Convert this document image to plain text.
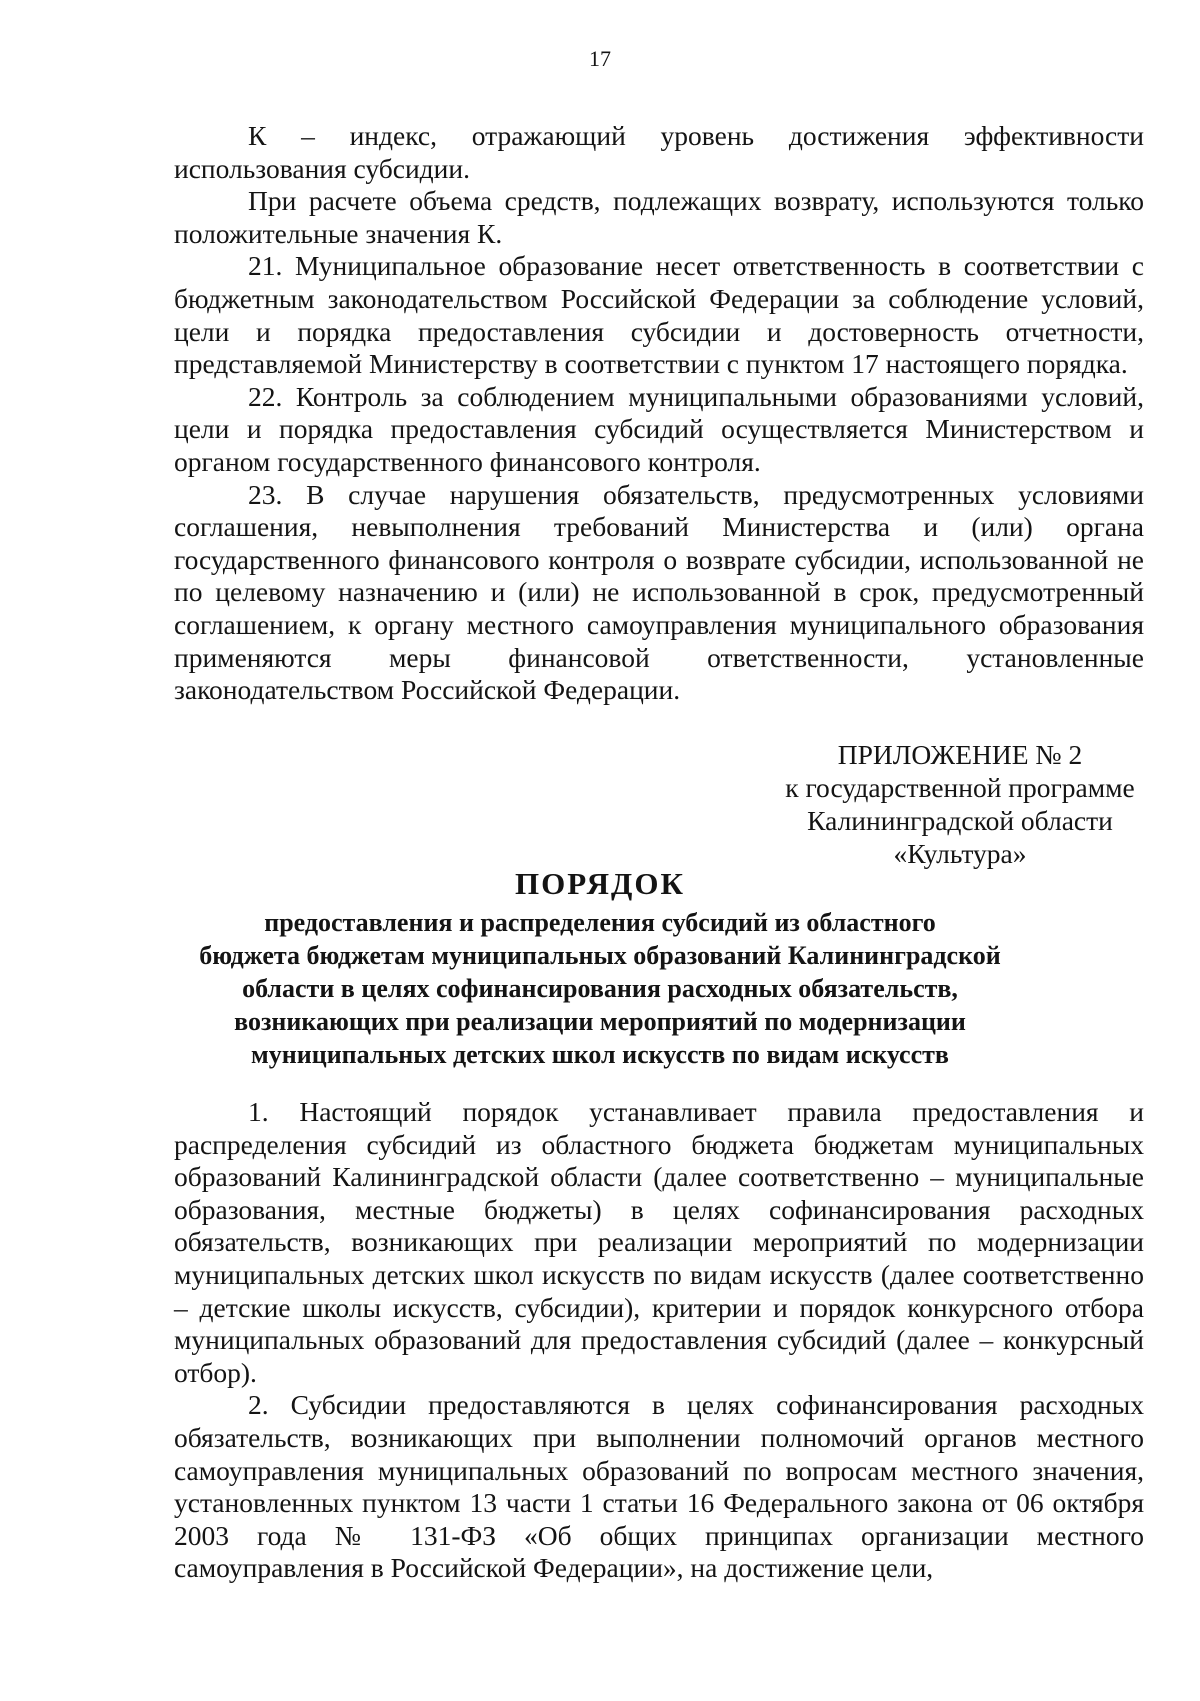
17

К – индекс, отражающий уровень достижения эффективности использования субсидии.

При расчете объема средств, подлежащих возврату, используются только положительные значения К.

21. Муниципальное образование несет ответственность в соответствии с бюджетным законодательством Российской Федерации за соблюдение условий, цели и порядка предоставления субсидии и достоверность отчетности, представляемой Министерству в соответствии с пунктом 17 настоящего порядка.

22. Контроль за соблюдением муниципальными образованиями условий, цели и порядка предоставления субсидий осуществляется Министерством и органом государственного финансового контроля.

23. В случае нарушения обязательств, предусмотренных условиями соглашения, невыполнения требований Министерства и (или) органа государственного финансового контроля о возврате субсидии, использованной не по целевому назначению и (или) не использованной в срок, предусмотренный соглашением, к органу местного самоуправления муниципального образования применяются меры финансовой ответственности, установленные законодательством Российской Федерации.

ПРИЛОЖЕНИЕ № 2
к государственной программе
Калининградской области
«Культура»
ПОРЯДОК
предоставления и распределения субсидий из областного
бюджета бюджетам муниципальных образований Калининградской
области в целях софинансирования расходных обязательств,
возникающих при реализации мероприятий по модернизации
муниципальных детских школ искусств по видам искусств

1. Настоящий порядок устанавливает правила предоставления и распределения субсидий из областного бюджета бюджетам муниципальных образований Калининградской области (далее соответственно – муниципальные образования, местные бюджеты) в целях софинансирования расходных обязательств, возникающих при реализации мероприятий по модернизации муниципальных детских школ искусств по видам искусств (далее соответственно – детские школы искусств, субсидии), критерии и порядок конкурсного отбора муниципальных образований для предоставления субсидий (далее – конкурсный отбор).

2. Субсидии предоставляются в целях софинансирования расходных обязательств, возникающих при выполнении полномочий органов местного самоуправления муниципальных образований по вопросам местного значения, установленных пунктом 13 части 1 статьи 16 Федерального закона от 06 октября 2003 года № 131-ФЗ «Об общих принципах организации местного самоуправления в Российской Федерации», на достижение цели,
